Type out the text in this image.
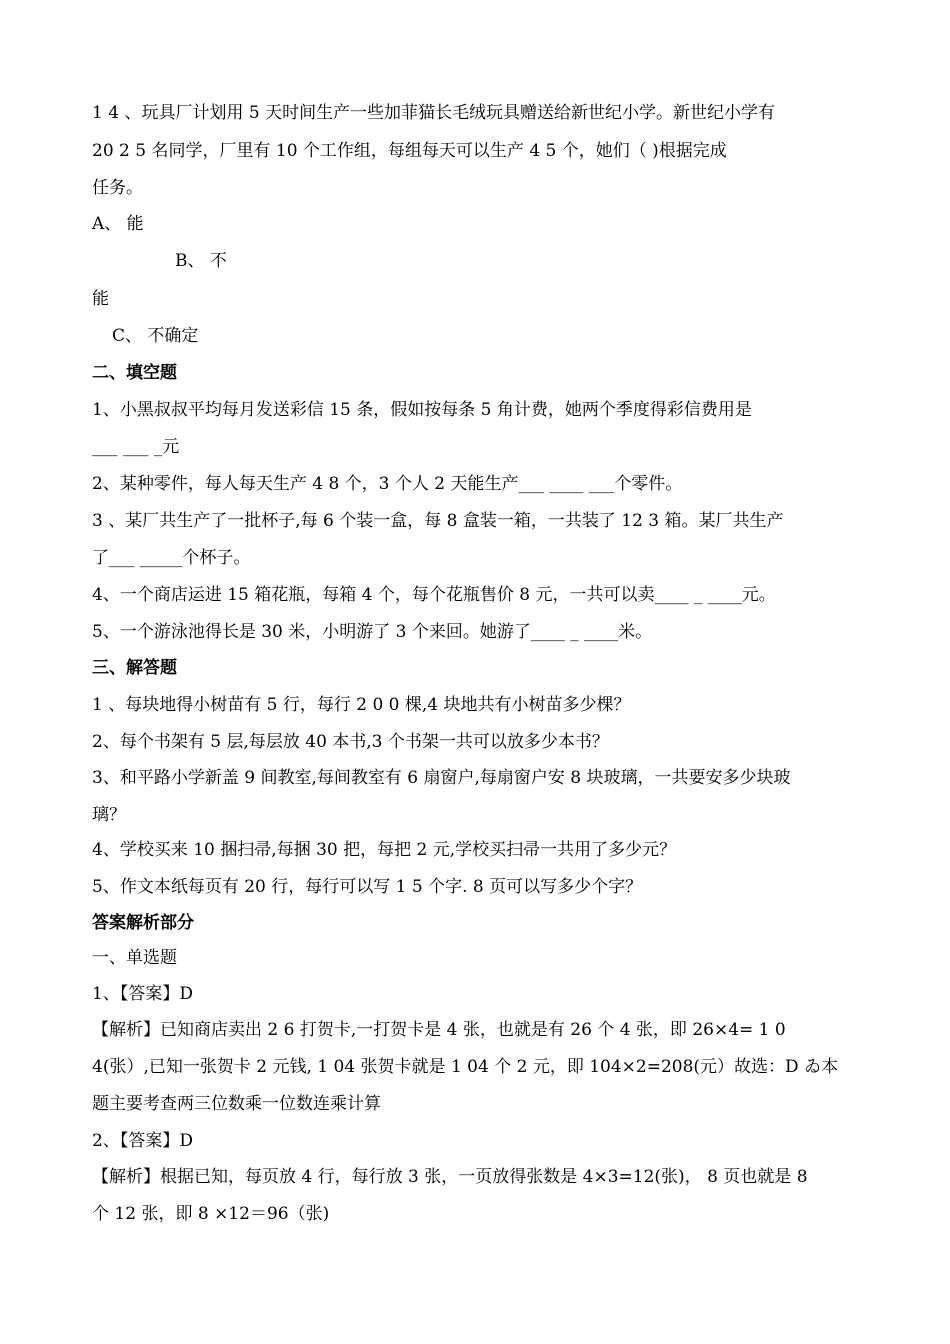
1 4 、玩具厂计划用 5 天时间生产一些加菲猫长毛绒玩具赠送给新世纪小学。新世纪小学有
20 2 5 名同学，厂里有 10 个工作组，每组每天可以生产 4 5 个，她们（ )根据完成
任务。
A、 能
B、 不
能
C、 不确定
二、填空题
1、小黑叔叔平均每月发送彩信 15 条，假如按每条 5 角计费，她两个季度得彩信费用是
___ ___ _元
2、某种零件，每人每天生产 4 8 个，3 个人 2 天能生产___ ____ ___个零件。
3 、某厂共生产了一批杯子,每 6 个装一盒，每 8 盒装一箱，一共装了 12 3 箱。某厂共生产
了___ _____个杯子。
4、一个商店运进 15 箱花瓶，每箱 4 个，每个花瓶售价 8 元，一共可以卖____ _ ____元。
5、一个游泳池得长是 30 米，小明游了 3 个来回。她游了____ _ ____米。
三、解答题
1 、每块地得小树苗有 5 行，每行 2 0 0 棵,4 块地共有小树苗多少棵？
2、每个书架有 5 层,每层放 40 本书,3 个书架一共可以放多少本书？
3、和平路小学新盖 9 间教室,每间教室有 6 扇窗户,每扇窗户安 8 块玻璃，一共要安多少块玻
璃？
4、学校买来 10 捆扫帚,每捆 30 把，每把 2 元,学校买扫帚一共用了多少元？
5、作文本纸每页有 20 行，每行可以写 1 5 个字. 8 页可以写多少个字？
答案解析部分
一、单选题
1、【答案】D
【解析】已知商店卖出 2 6 打贺卡,一打贺卡是 4 张，也就是有 26 个 4 张，即 26×4= 1 0
4(张）,已知一张贺卡 2 元钱, 1 04 张贺卡就是 1 04 个 2 元，即 104×2=208(元）故选：D ゐ本
题主要考查两三位数乘一位数连乘计算
2、【答案】D
【解析】根据已知，每页放 4 行，每行放 3 张，一页放得张数是 4×3=12(张)， 8 页也就是 8
个 12 张，即 8 ×12＝96（张)
